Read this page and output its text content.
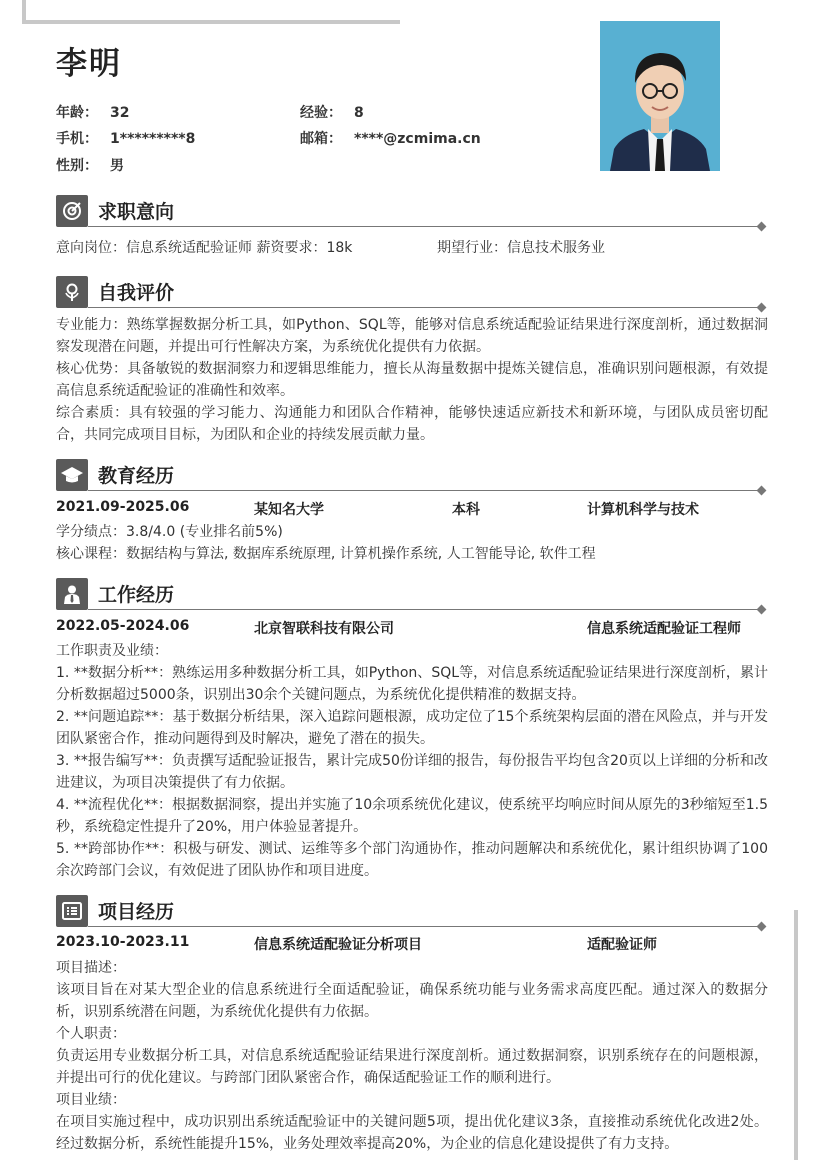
李明
年龄： 32	经验： 8
手机： 1*********8	邮箱： ****@zcmima.cn
性别： 男
求职意向
意向岗位：信息系统适配验证师 薪资要求：18k	期望行业：信息技术服务业
自我评价
专业能力：熟练掌握数据分析工具，如Python、SQL等，能够对信息系统适配验证结果进行深度剖析，通过数据洞察发现潜在问题，并提出可行性解决方案，为系统优化提供有力依据。
核心优势：具备敏锐的数据洞察力和逻辑思维能力，擅长从海量数据中提炼关键信息，准确识别问题根源，有效提高信息系统适配验证的准确性和效率。
综合素质：具有较强的学习能力、沟通能力和团队合作精神，能够快速适应新技术和新环境，与团队成员密切配合，共同完成项目目标，为团队和企业的持续发展贡献力量。
教育经历
2021.09-2025.06	某知名大学	本科	计算机科学与技术
学分绩点：3.8/4.0 (专业排名前5%)
核心课程：数据结构与算法, 数据库系统原理, 计算机操作系统, 人工智能导论, 软件工程
工作经历
2022.05-2024.06	北京智联科技有限公司	信息系统适配验证工程师
工作职责及业绩：
1. **数据分析**：熟练运用多种数据分析工具，如Python、SQL等，对信息系统适配验证结果进行深度剖析，累计分析数据超过5000条，识别出30余个关键问题点，为系统优化提供精准的数据支持。
2. **问题追踪**：基于数据分析结果，深入追踪问题根源，成功定位了15个系统架构层面的潜在风险点，并与开发团队紧密合作，推动问题得到及时解决，避免了潜在的损失。
3. **报告编写**：负责撰写适配验证报告，累计完成50份详细的报告，每份报告平均包含20页以上详细的分析和改进建议，为项目决策提供了有力依据。
4. **流程优化**：根据数据洞察，提出并实施了10余项系统优化建议，使系统平均响应时间从原先的3秒缩短至1.5秒，系统稳定性提升了20%，用户体验显著提升。
5. **跨部协作**：积极与研发、测试、运维等多个部门沟通协作，推动问题解决和系统优化，累计组织协调了100余次跨部门会议，有效促进了团队协作和项目进度。
项目经历
2023.10-2023.11	信息系统适配验证分析项目	适配验证师
项目描述：
该项目旨在对某大型企业的信息系统进行全面适配验证，确保系统功能与业务需求高度匹配。通过深入的数据分析，识别系统潜在问题，为系统优化提供有力依据。
个人职责：
负责运用专业数据分析工具，对信息系统适配验证结果进行深度剖析。通过数据洞察，识别系统存在的问题根源，并提出可行的优化建议。与跨部门团队紧密合作，确保适配验证工作的顺利进行。
项目业绩：
在项目实施过程中，成功识别出系统适配验证中的关键问题5项，提出优化建议3条，直接推动系统优化改进2处。经过数据分析，系统性能提升15%，业务处理效率提高20%，为企业的信息化建设提供了有力支持。
